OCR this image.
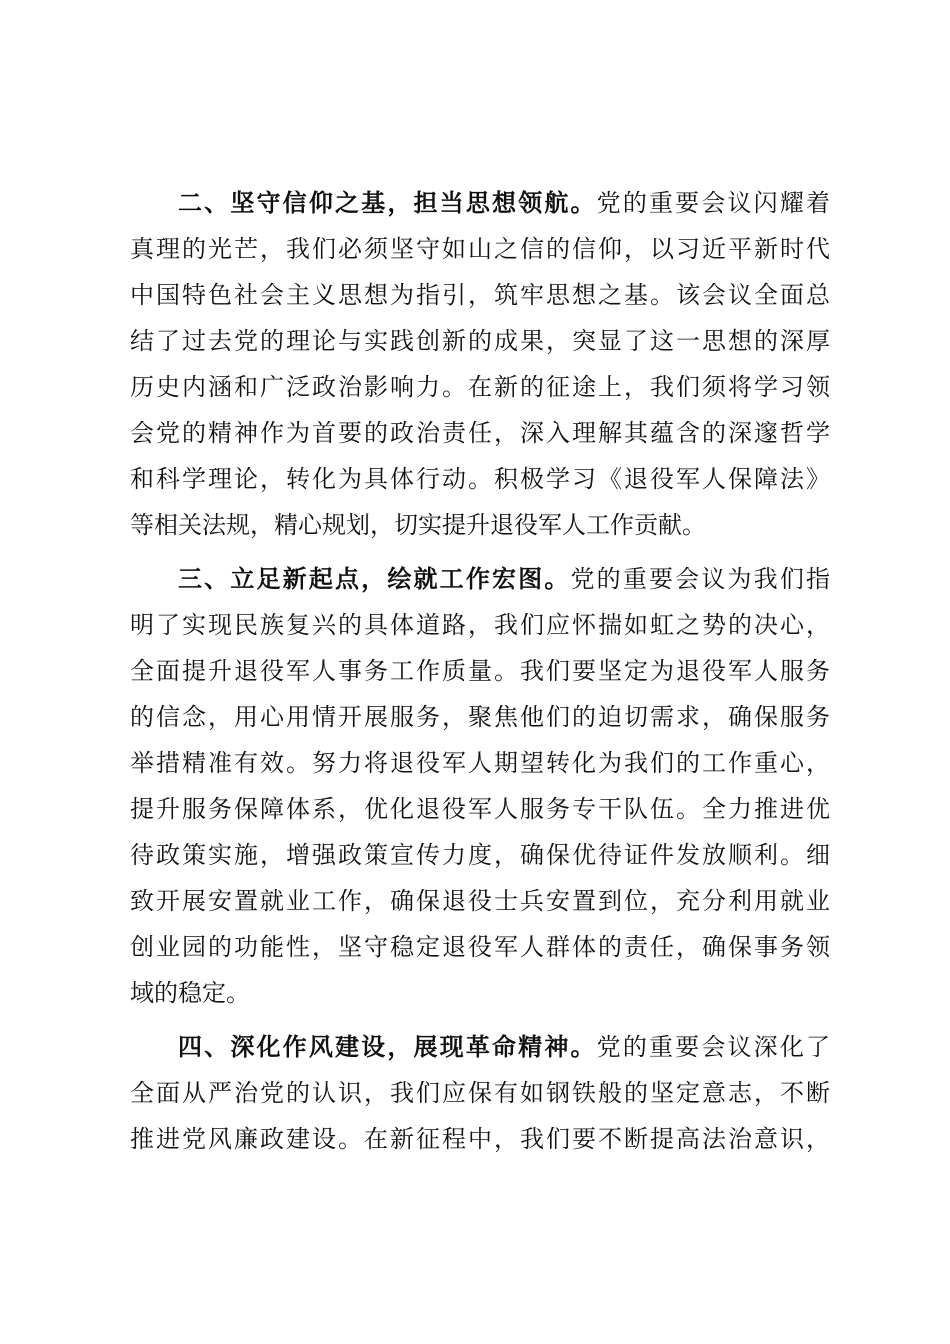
二、坚守信仰之基，担当思想领航。党的重要会议闪耀着
真理的光芒，我们必须坚守如山之信的信仰，以习近平新时代
中国特色社会主义思想为指引，筑牢思想之基。该会议全面总
结了过去党的理论与实践创新的成果，突显了这一思想的深厚
历史内涵和广泛政治影响力。在新的征途上，我们须将学习领
会党的精神作为首要的政治责任，深入理解其蕴含的深邃哲学
和科学理论，转化为具体行动。积极学习《退役军人保障法》
等相关法规，精心规划，切实提升退役军人工作贡献。
三、立足新起点，绘就工作宏图。党的重要会议为我们指
明了实现民族复兴的具体道路，我们应怀揣如虹之势的决心，
全面提升退役军人事务工作质量。我们要坚定为退役军人服务
的信念，用心用情开展服务，聚焦他们的迫切需求，确保服务
举措精准有效。努力将退役军人期望转化为我们的工作重心，
提升服务保障体系，优化退役军人服务专干队伍。全力推进优
待政策实施，增强政策宣传力度，确保优待证件发放顺利。细
致开展安置就业工作，确保退役士兵安置到位，充分利用就业
创业园的功能性，坚守稳定退役军人群体的责任，确保事务领
域的稳定。
四、深化作风建设，展现革命精神。党的重要会议深化了
全面从严治党的认识，我们应保有如钢铁般的坚定意志，不断
推进党风廉政建设。在新征程中，我们要不断提高法治意识，
